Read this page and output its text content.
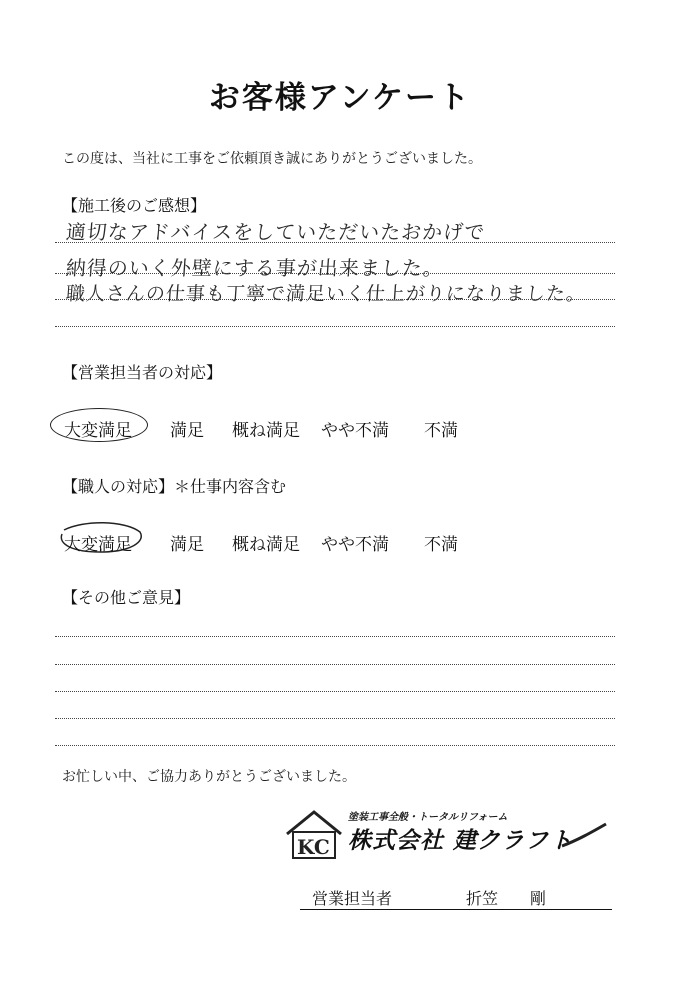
お客様アンケート
この度は、当社に工事をご依頼頂き誠にありがとうございました。
【施工後のご感想】
適切なアドバイスをしていただいたおかげで
納得のいく外壁にする事が出来ました。
職人さんの仕事も丁寧で満足いく仕上がりになりました。
【営業担当者の対応】
大変満足 満足 概ね満足 やや不満 不満
【職人の対応】＊仕事内容含む
大変満足 満足 概ね満足 やや不満 不満
【その他ご意見】
お忙しい中、ご協力ありがとうございました。
KC
塗装工事全般・トータルリフォーム
株式会社 建クラフト
営業担当者	折笠 剛
